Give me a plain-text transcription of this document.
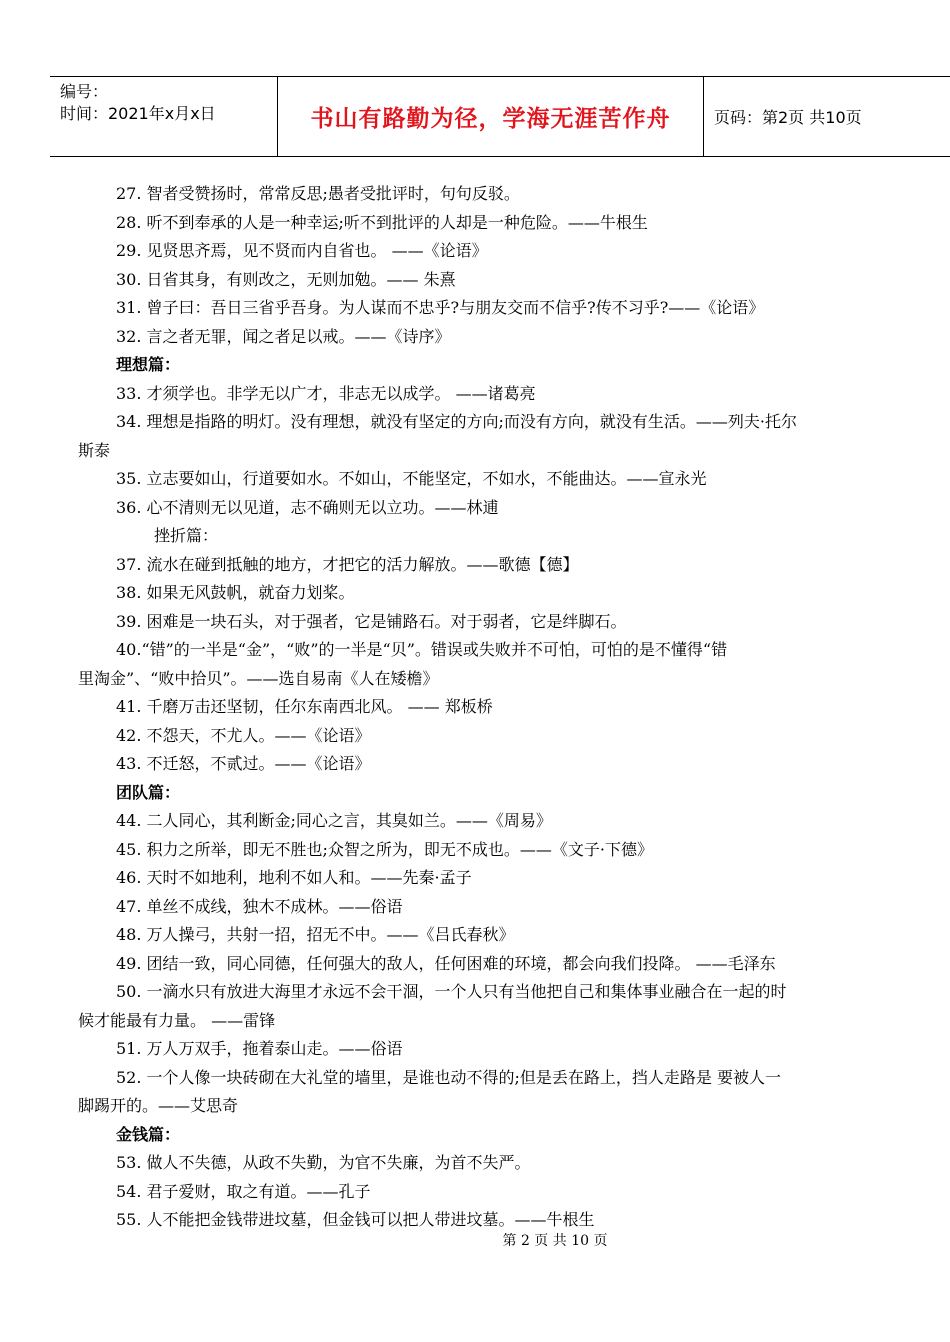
编号：
时间：2021年x月x日	书山有路勤为径，学海无涯苦作舟	页码：第2页 共10页
27. 智者受赞扬时，常常反思;愚者受批评时，句句反驳。
28. 听不到奉承的人是一种幸运;听不到批评的人却是一种危险。——牛根生
29. 见贤思齐焉，见不贤而内自省也。 ——《论语》
30. 日省其身，有则改之，无则加勉。—— 朱熹
31. 曾子曰：吾日三省乎吾身。为人谋而不忠乎?与朋友交而不信乎?传不习乎?——《论语》
32. 言之者无罪，闻之者足以戒。——《诗序》
理想篇：
33. 才须学也。非学无以广才，非志无以成学。 ——诸葛亮
34. 理想是指路的明灯。没有理想，就没有坚定的方向;而没有方向，就没有生活。——列夫·托尔
斯泰
35. 立志要如山，行道要如水。不如山，不能坚定，不如水，不能曲达。——宣永光
36. 心不清则无以见道，志不确则无以立功。——林逋
挫折篇：
37. 流水在碰到抵触的地方，才把它的活力解放。——歌德【德】
38. 如果无风鼓帆，就奋力划桨。
39. 困难是一块石头，对于强者，它是铺路石。对于弱者，它是绊脚石。
40.“错”的一半是“金”，“败”的一半是“贝”。错误或失败并不可怕，可怕的是不懂得“错
里淘金”、“败中拾贝”。——选自易南《人在矮檐》
41. 千磨万击还坚韧，任尔东南西北风。 —— 郑板桥
42. 不怨天，不尤人。——《论语》
43. 不迁怒，不贰过。——《论语》
团队篇：
44. 二人同心，其利断金;同心之言，其臭如兰。——《周易》
45. 积力之所举，即无不胜也;众智之所为，即无不成也。——《文子·下德》
46. 天时不如地利，地利不如人和。——先秦·孟子
47. 单丝不成线，独木不成林。——俗语
48. 万人操弓，共射一招，招无不中。——《吕氏春秋》
49. 团结一致，同心同德，任何强大的敌人，任何困难的环境，都会向我们投降。 ——毛泽东
50. 一滴水只有放进大海里才永远不会干涸，一个人只有当他把自己和集体事业融合在一起的时
候才能最有力量。 ——雷锋
51. 万人万双手，拖着泰山走。——俗语
52. 一个人像一块砖砌在大礼堂的墙里，是谁也动不得的;但是丢在路上，挡人走路是 要被人一
脚踢开的。——艾思奇
金钱篇：
53. 做人不失德，从政不失勤，为官不失廉，为首不失严。
54. 君子爱财，取之有道。——孔子
55. 人不能把金钱带进坟墓，但金钱可以把人带进坟墓。——牛根生
第 2 页 共 10 页
